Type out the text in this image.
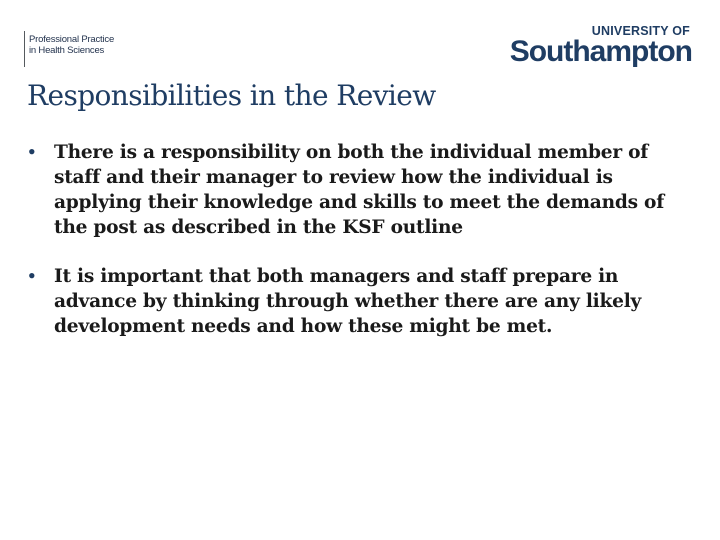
Professional Practice
in Health Sciences
UNIVERSITY OF
Southampton
Responsibilities in the Review
• There is a responsibility on both the individual member of staff and their manager to review how the individual is applying their knowledge and skills to meet the demands of the post as described in the KSF outline
• It is important that both managers and staff prepare in advance by thinking through whether there are any likely development needs and how these might be met.
